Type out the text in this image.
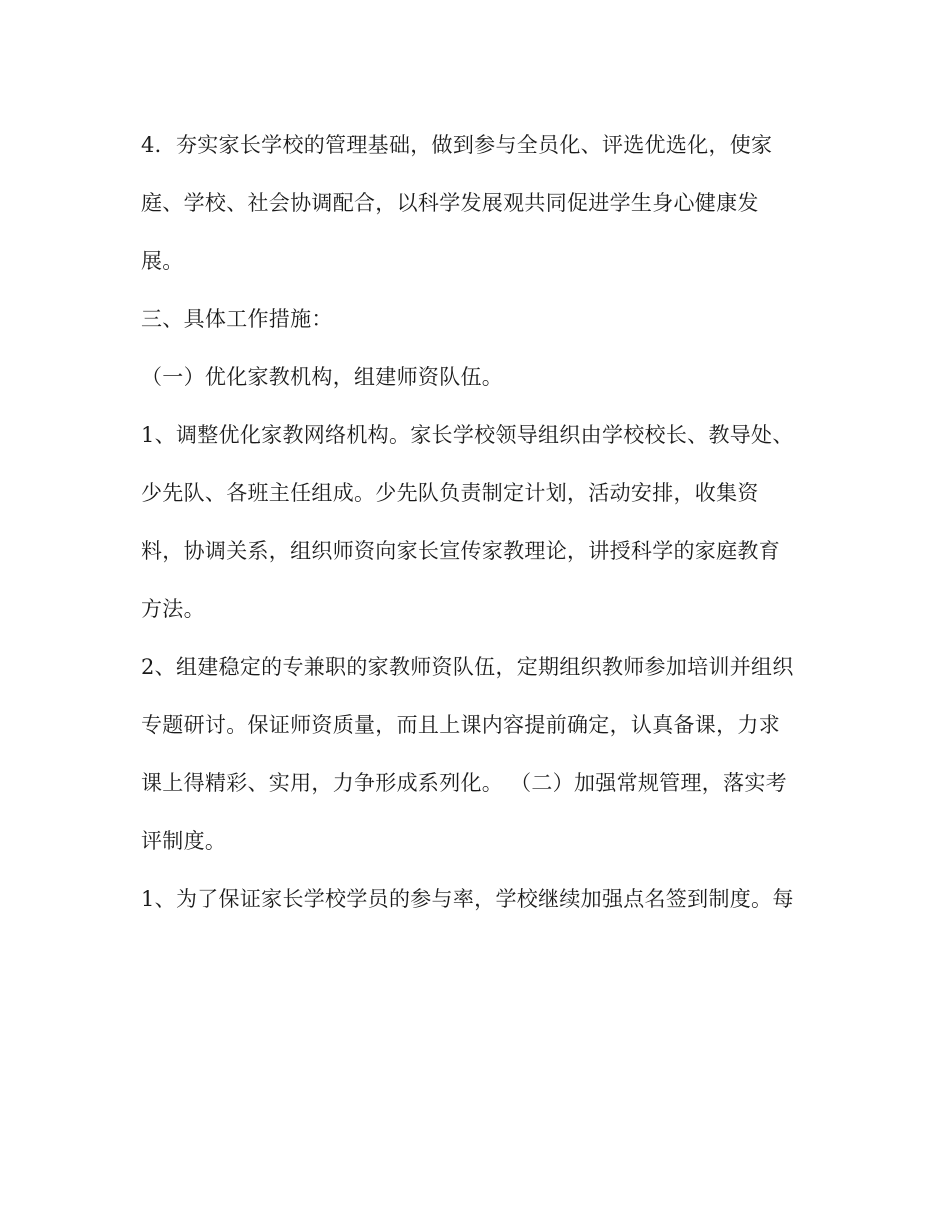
4．夯实家长学校的管理基础，做到参与全员化、评选优选化，使家
庭、学校、社会协调配合，以科学发展观共同促进学生身心健康发
展。
三、具体工作措施：
（一）优化家教机构，组建师资队伍。
1、调整优化家教网络机构。家长学校领导组织由学校校长、教导处、
少先队、各班主任组成。少先队负责制定计划，活动安排，收集资
料，协调关系，组织师资向家长宣传家教理论，讲授科学的家庭教育
方法。
2、组建稳定的专兼职的家教师资队伍，定期组织教师参加培训并组织
专题研讨。保证师资质量，而且上课内容提前确定，认真备课，力求
课上得精彩、实用，力争形成系列化。 （二）加强常规管理，落实考
评制度。
1、为了保证家长学校学员的参与率，学校继续加强点名签到制度。每
